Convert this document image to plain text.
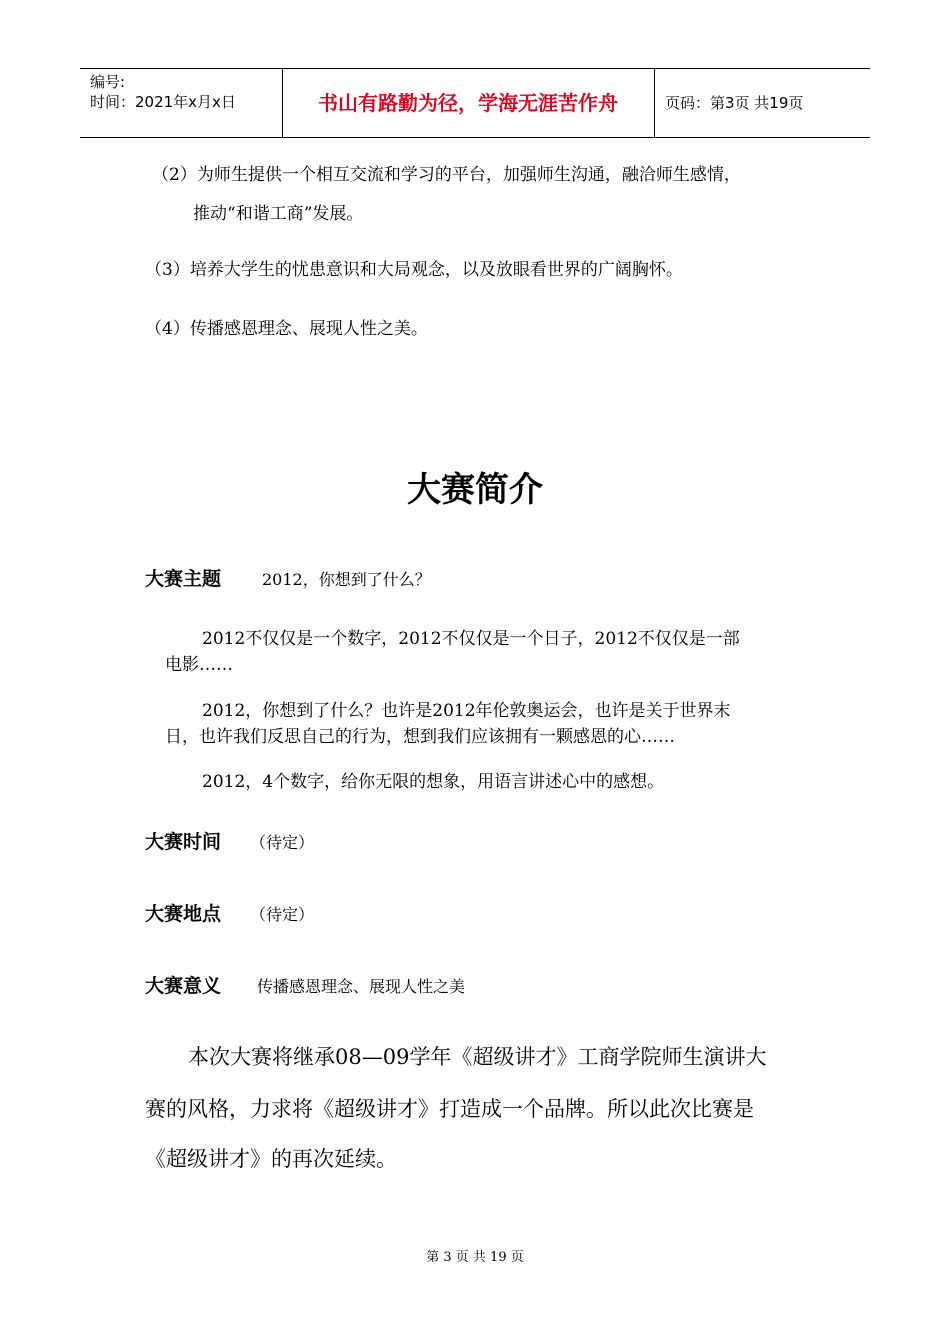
编号:
时间：2021年x月x日	书山有路勤为径，学海无涯苦作舟	页码：第3页 共19页
（2）为师生提供一个相互交流和学习的平台，加强师生沟通，融洽师生感情，
推动“和谐工商”发展。
（3）培养大学生的忧患意识和大局观念，以及放眼看世界的广阔胸怀。
（4）传播感恩理念、展现人性之美。
大赛简介
大赛主题	2012，你想到了什么？
2012不仅仅是一个数字，2012不仅仅是一个日子，2012不仅仅是一部
电影……
2012，你想到了什么？也许是2012年伦敦奥运会，也许是关于世界末
日，也许我们反思自己的行为，想到我们应该拥有一颗感恩的心……
2012，4个数字，给你无限的想象，用语言讲述心中的感想。
大赛时间 （待定）
大赛地点 （待定）
大赛意义 传播感恩理念、展现人性之美
本次大赛将继承08—09学年《超级讲才》工商学院师生演讲大
赛的风格，力求将《超级讲才》打造成一个品牌。所以此次比赛是
《超级讲才》的再次延续。
第 3 页 共 19 页
